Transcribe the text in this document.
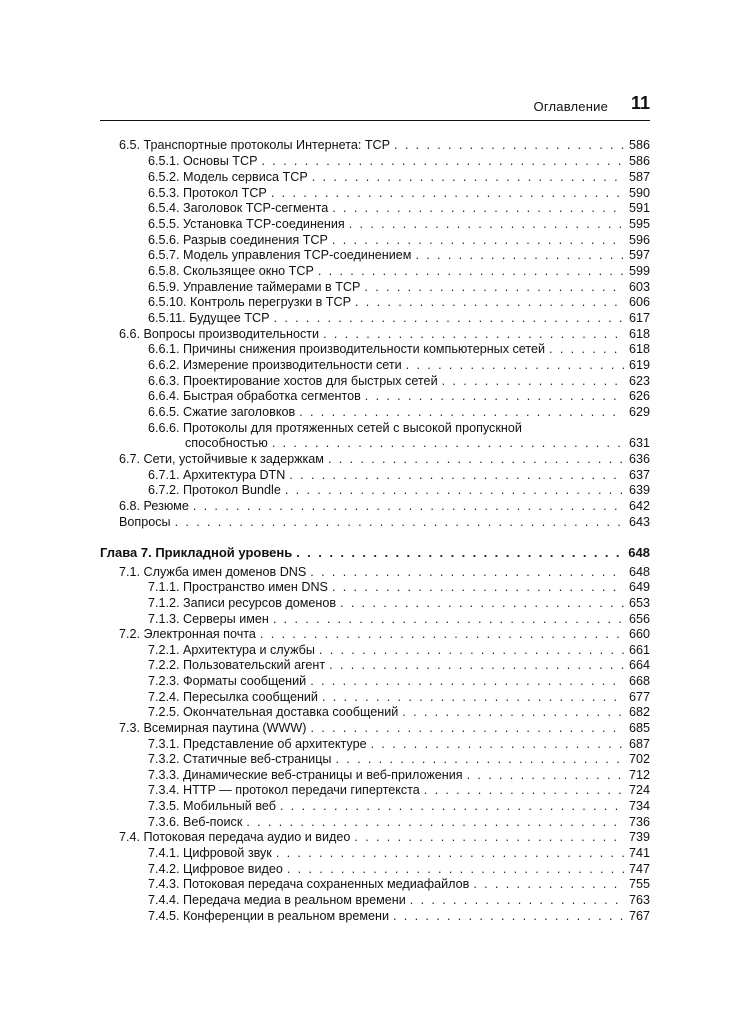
Оглавление 11
6.5. Транспортные протоколы Интернета: TCP . . .	586
6.5.1. Основы TCP . . .	586
6.5.2. Модель сервиса TCP . . .	587
6.5.3. Протокол TCP . . .	590
6.5.4. Заголовок TCP-сегмента . . .	591
6.5.5. Установка TCP-соединения . . .	595
6.5.6. Разрыв соединения TCP . . .	596
6.5.7. Модель управления TCP-соединением . . .	597
6.5.8. Скользящее окно TCP . . .	599
6.5.9. Управление таймерами в TCP . . .	603
6.5.10. Контроль перегрузки в TCP . . .	606
6.5.11. Будущее TCP . . .	617
6.6. Вопросы производительности . . .	618
6.6.1. Причины снижения производительности компьютерных сетей . . .	618
6.6.2. Измерение производительности сети . . .	619
6.6.3. Проектирование хостов для быстрых сетей . . .	623
6.6.4. Быстрая обработка сегментов . . .	626
6.6.5. Сжатие заголовков . . .	629
6.6.6. Протоколы для протяженных сетей с высокой пропускной
способностью . . .	631
6.7. Сети, устойчивые к задержкам . . .	636
6.7.1. Архитектура DTN . . .	637
6.7.2. Протокол Bundle . . .	639
6.8. Резюме . . .	642
Вопросы . . .	643
Глава 7. Прикладной уровень . . .	648
7.1. Служба имен доменов DNS . . .	648
7.1.1. Пространство имен DNS . . .	649
7.1.2. Записи ресурсов доменов . . .	653
7.1.3. Серверы имен . . .	656
7.2. Электронная почта . . .	660
7.2.1. Архитектура и службы . . .	661
7.2.2. Пользовательский агент . . .	664
7.2.3. Форматы сообщений . . .	668
7.2.4. Пересылка сообщений . . .	677
7.2.5. Окончательная доставка сообщений . . .	682
7.3. Всемирная паутина (WWW) . . .	685
7.3.1. Представление об архитектуре . . .	687
7.3.2. Статичные веб-страницы . . .	702
7.3.3. Динамические веб-страницы и веб-приложения . . .	712
7.3.4. HTTP — протокол передачи гипертекста . . .	724
7.3.5. Мобильный веб . . .	734
7.3.6. Веб-поиск . . .	736
7.4. Потоковая передача аудио и видео . . .	739
7.4.1. Цифровой звук . . .	741
7.4.2. Цифровое видео . . .	747
7.4.3. Потоковая передача сохраненных медиафайлов . . .	755
7.4.4. Передача медиа в реальном времени . . .	763
7.4.5. Конференции в реальном времени . . .	767
